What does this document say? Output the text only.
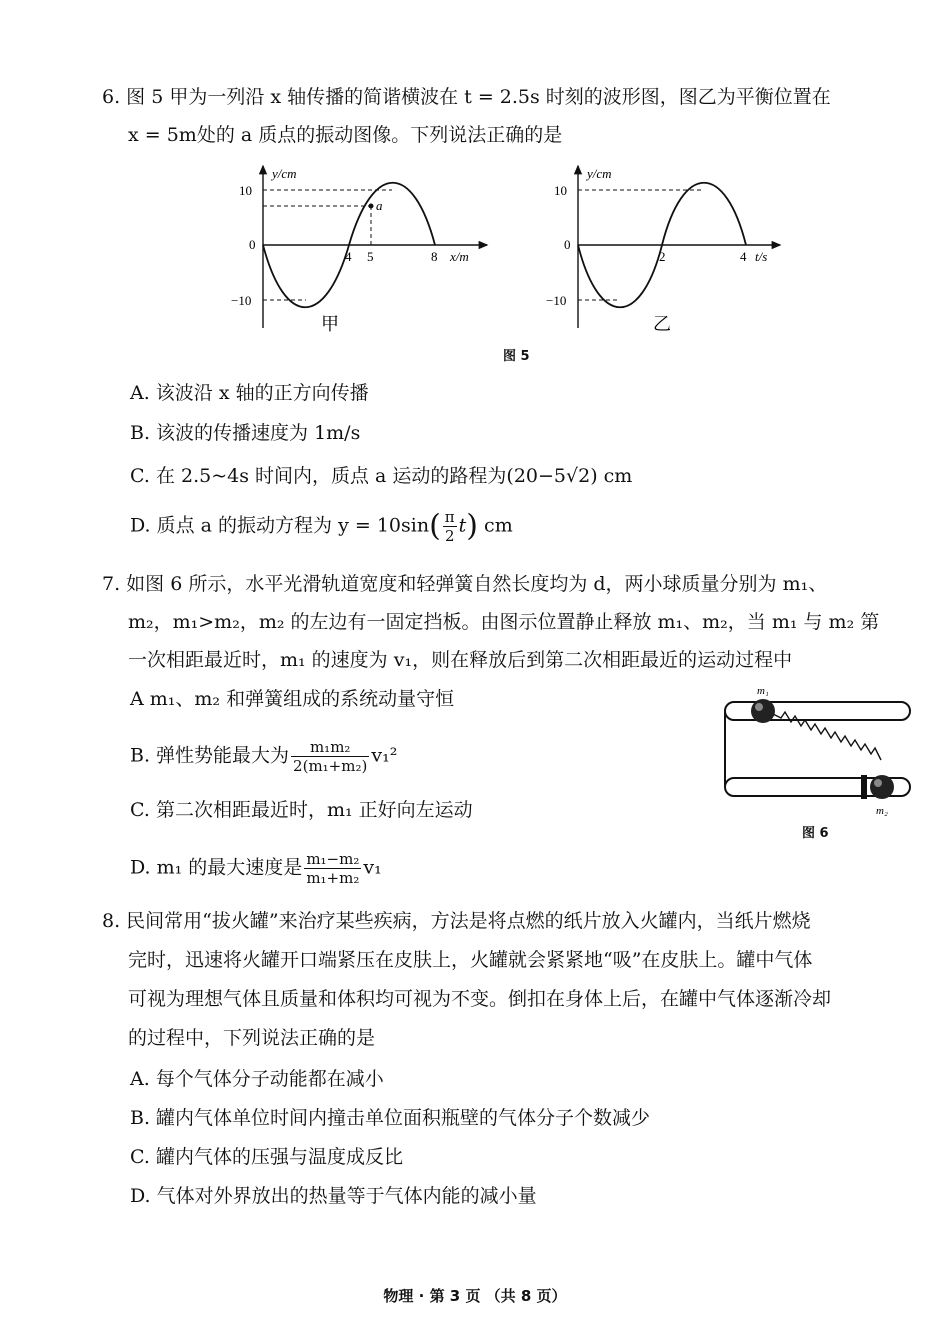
6. 图 5 甲为一列沿 x 轴传播的简谐横波在 t = 2.5s 时刻的波形图，图乙为平衡位置在
x = 5m处的 a 质点的振动图像。下列说法正确的是
y/cm
10
0
−10
4 5	8 x/m
a
甲
y/cm
10
0
−10
2	4 t/s
乙
图 5
A. 该波沿 x 轴的正方向传播
B. 该波的传播速度为 1m/s
C. 在 2.5~4s 时间内，质点 a 运动的路程为(20−5√2) cm
D. 质点 a 的振动方程为 $y = 10\sin( \frac{\pi}{2} t)$ cm
7. 如图 6 所示，水平光滑轨道宽度和轻弹簧自然长度均为 d，两小球质量分别为 m₁、
m₂，m₁>m₂，m₂ 的左边有一固定挡板。由图示位置静止释放 m₁、m₂，当 m₁ 与 m₂ 第
一次相距最近时，m₁ 的速度为 v₁，则在释放后到第二次相距最近的运动过程中
A m₁、m₂ 和弹簧组成的系统动量守恒
B. 弹性势能最大为 $\frac{\text{m₁m₂}}{\text{2(m₁+m₂)}} v_1^2$
C. 第二次相距最近时，m₁ 正好向左运动
D. m₁ 的最大速度是 $\frac{\text{m₁−m₂}}{\text{m₁+m₂}} v_1$
m₁
m₂
图 6
8. 民间常用“拔火罐”来治疗某些疾病，方法是将点燃的纸片放入火罐内，当纸片燃烧
完时，迅速将火罐开口端紧压在皮肤上，火罐就会紧紧地“吸”在皮肤上。罐中气体
可视为理想气体且质量和体积均可视为不变。倒扣在身体上后，在罐中气体逐渐冷却
的过程中，下列说法正确的是
A. 每个气体分子动能都在减小
B. 罐内气体单位时间内撞击单位面积瓶壁的气体分子个数减少
C. 罐内气体的压强与温度成反比
D. 气体对外界放出的热量等于气体内能的减小量
物理 · 第 3 页 （共 8 页）
